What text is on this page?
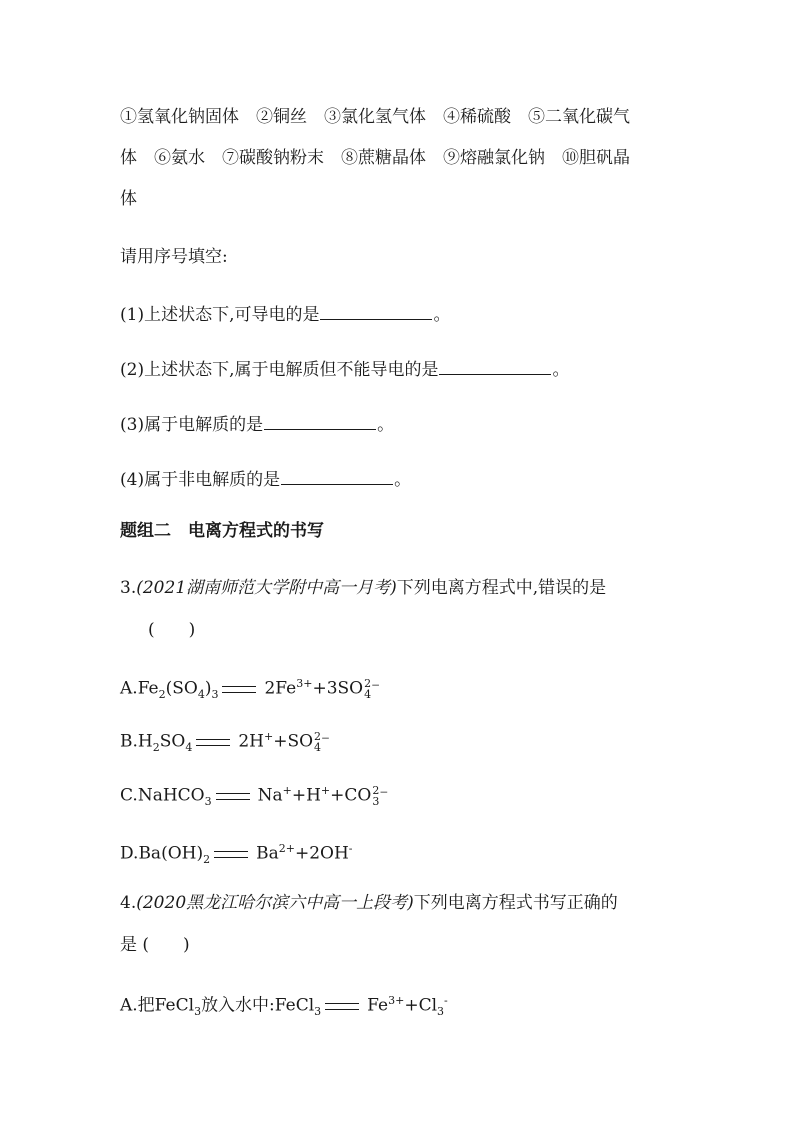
①氢氧化钠固体　②铜丝　③氯化氢气体　④稀硫酸　⑤二氧化碳气
体　⑥氨水　⑦碳酸钠粉末　⑧蔗糖晶体　⑨熔融氯化钠　⑩胆矾晶
体
请用序号填空:
(1)上述状态下,可导电的是	。
(2)上述状态下,属于电解质但不能导电的是	。
(3)属于电解质的是	。
(4)属于非电解质的是	。
题组二　电离方程式的书写
3.(2021湖南师范大学附中高一月考)下列电离方程式中,错误的是
(　　)
$A.Fe_2(SO_4)_3$	$2Fe^{3+}+3SO$ 2
4 ⁻
$B.H_2SO_4$	2H++SO 2
4 ⁻
C.NaHCO$_3$	Na++H++CO 2
3 ⁻
$D.Ba(OH)_2$	$Ba^{2+}+2OH^-$
4.(2020黑龙江哈尔滨六中高一上段考)下列电离方程式书写正确的
是 (　　)
A.把FeCl$_3$放入水中:FeCl$_3$	$Fe^{3+}+Cl_3^-$
